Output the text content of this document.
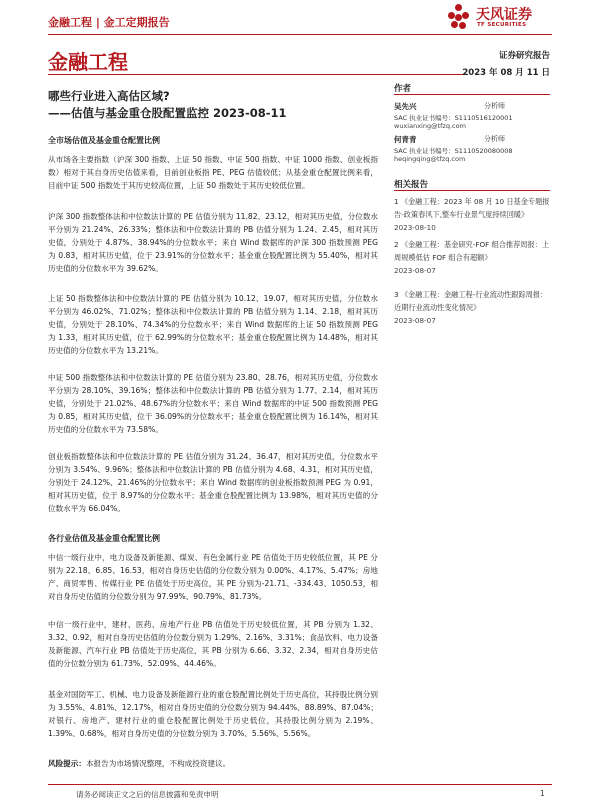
金融工程 | 金工定期报告	天风证券
TF SECURITIES
金融工程	证券研究报告
2023 年 08 月 11 日
作者
吴先兴	分析师
SAC 执业证书编号：S1110516120001
wuxianxing@tfzq.com
何青青	分析师
SAC 执业证书编号：S1110520080008
heqingqing@tfzq.com
相关报告
1 《金融工程：2023 年 08 月 10 日基金专题报告-政策春风下,整车行业景气度持续回暖》
2023-08-10
2 《金融工程：基金研究-FOF 组合推荐周报：上周规模低估 FOF 组合有超额》
2023-08-07
3 《金融工程：金融工程-行业流动性跟踪周报：近期行业流动性变化情况》
2023-08-07
哪些行业进入高估区域?
——估值与基金重仓股配置监控 2023-08-11
全市场估值及基金重仓配置比例
从市场各主要指数（沪深 300 指数、上证 50 指数、中证 500 指数、中证 1000 指数、创业板指数）相对于其自身历史估值来看，目前创业板指 PE、PEG 估值较低；从基金重仓配置比例来看，目前中证 500 指数处于其历史较高位置，上证 50 指数处于其历史较低位置。
沪深 300 指数整体法和中位数法计算的 PE 估值分别为 11.82、23.12，相对其历史值，分位数水平分别为 21.24%、26.33%；整体法和中位数法计算的 PB 估值分别为 1.24、2.45，相对其历史值，分别处于 4.87%、38.94%的分位数水平；来自 Wind 数据库的沪深 300 指数预测 PEG 为 0.83，相对其历史值，位于 23.91%的分位数水平；基金重仓股配置比例为 55.40%，相对其历史值的分位数水平为 39.62%。
上证 50 指数整体法和中位数法计算的 PE 估值分别为 10.12、19.07，相对其历史值，分位数水平分别为 46.02%、71.02%；整体法和中位数法计算的 PB 估值分别为 1.14、2.18，相对其历史值，分别处于 28.10%、74.34%的分位数水平；来自 Wind 数据库的上证 50 指数预测 PEG 为 1.33，相对其历史值，位于 62.99%的分位数水平；基金重仓股配置比例为 14.48%，相对其历史值的分位数水平为 13.21%。
中证 500 指数整体法和中位数法计算的 PE 估值分别为 23.80、28.76，相对其历史值，分位数水平分别为 28.10%、39.16%；整体法和中位数法计算的 PB 估值分别为 1.77、2.14，相对其历史值，分别处于 21.02%、48.67%的分位数水平；来自 Wind 数据库的中证 500 指数预测 PEG 为 0.85，相对其历史值，位于 36.09%的分位数水平；基金重仓股配置比例为 16.14%，相对其历史值的分位数水平为 73.58%。
创业板指数整体法和中位数法计算的 PE 估值分别为 31.24、36.47，相对其历史值，分位数水平分别为 3.54%、9.96%；整体法和中位数法计算的 PB 估值分别为 4.68、4.31，相对其历史值，分别处于 24.12%、21.46%的分位数水平；来自 Wind 数据库的创业板指数预测 PEG 为 0.91，相对其历史值，位于 8.97%的分位数水平；基金重仓股配置比例为 13.98%，相对其历史值的分位数水平为 66.04%。
各行业估值及基金重仓配置比例
中信一级行业中，电力设备及新能源、煤炭、有色金属行业 PE 估值处于历史较低位置，其 PE 分别为 22.18、6.85、16.53，相对自身历史估值的分位数分别为 0.00%、4.17%、5.47%；房地产、商贸零售、传媒行业 PE 估值处于历史高位，其 PE 分别为-21.71、-334.43、1050.53，相对自身历史估值的分位数分别为 97.99%、90.79%、81.73%。
中信一级行业中，建材、医药、房地产行业 PB 估值处于历史较低位置，其 PB 分别为 1.32、3.32、0.92，相对自身历史估值的分位数分别为 1.29%、2.16%、3.31%；食品饮料、电力设备及新能源、汽车行业 PB 估值处于历史高位，其 PB 分别为 6.66、3.32、2.34，相对自身历史估值的分位数分别为 61.73%、52.09%、44.46%。
基金对国防军工、机械、电力设备及新能源行业的重仓股配置比例处于历史高位，其持股比例分别为 3.55%、4.81%、12.17%，相对自身历史值的分位数分别为 94.44%、88.89%、87.04%；对银行、房地产、建材行业的重仓股配置比例处于历史低位，其持股比例分别为 2.19%、1.39%、0.68%，相对自身历史值的分位数分别为 3.70%、5.56%、5.56%。
风险提示：本报告为市场情况整理，不构成投资建议。
请务必阅读正文之后的信息披露和免责申明	1
